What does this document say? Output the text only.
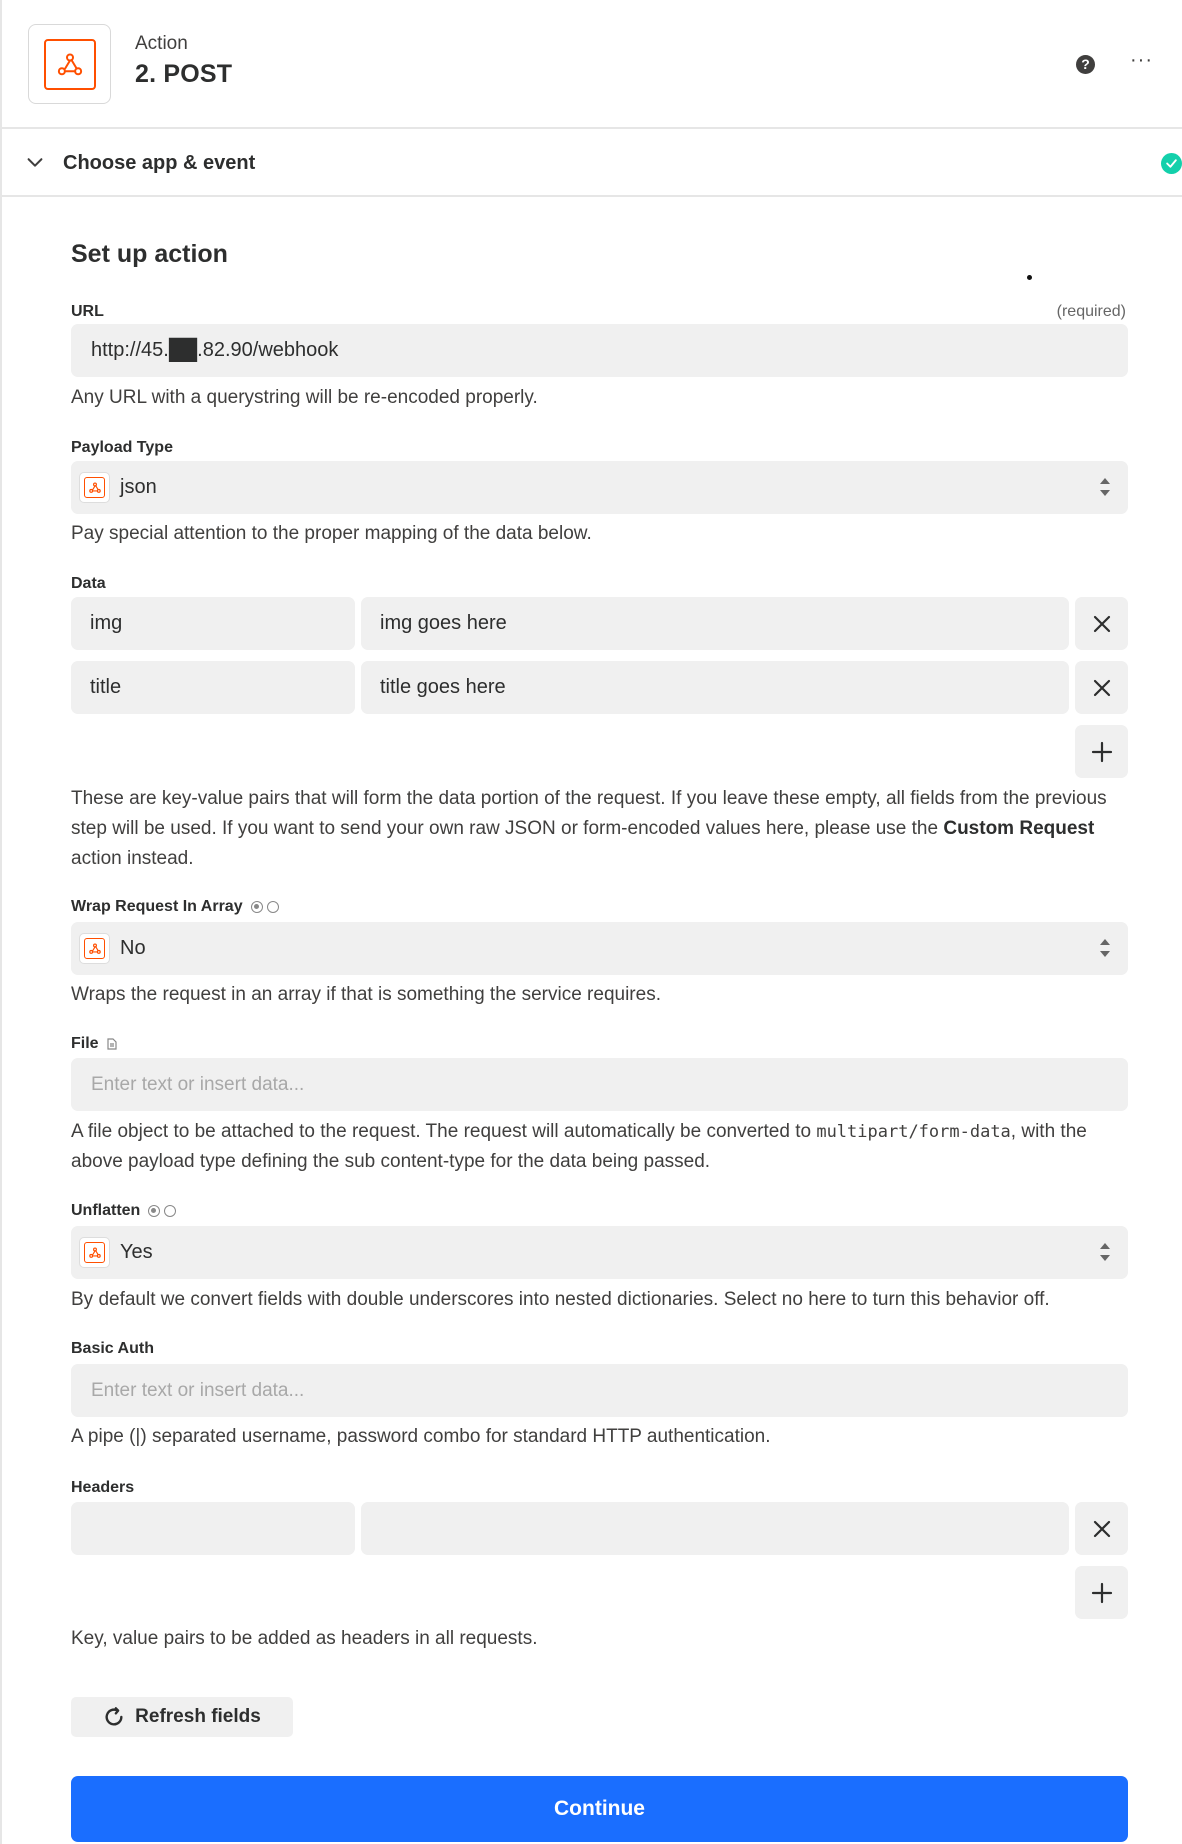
Action
2. POST	? ···
Choose app & event
Set up action
URL	(required)
http://45.██.82.90/webhook
Any URL with a querystring will be re-encoded properly.
Payload Type
json
Pay special attention to the proper mapping of the data below.
Data
img	img goes here
title	title goes here
These are key-value pairs that will form the data portion of the request. If you leave these empty, all fields from the previous step will be used. If you want to send your own raw JSON or form-encoded values here, please use the Custom Request action instead.
Wrap Request In Array
No
Wraps the request in an array if that is something the service requires.
File
Enter text or insert data...
A file object to be attached to the request. The request will automatically be converted to multipart/form-data, with the above payload type defining the sub content-type for the data being passed.
Unflatten
Yes
By default we convert fields with double underscores into nested dictionaries. Select no here to turn this behavior off.
Basic Auth
Enter text or insert data...
A pipe (|) separated username, password combo for standard HTTP authentication.
Headers
Key, value pairs to be added as headers in all requests.
Refresh fields
Continue
